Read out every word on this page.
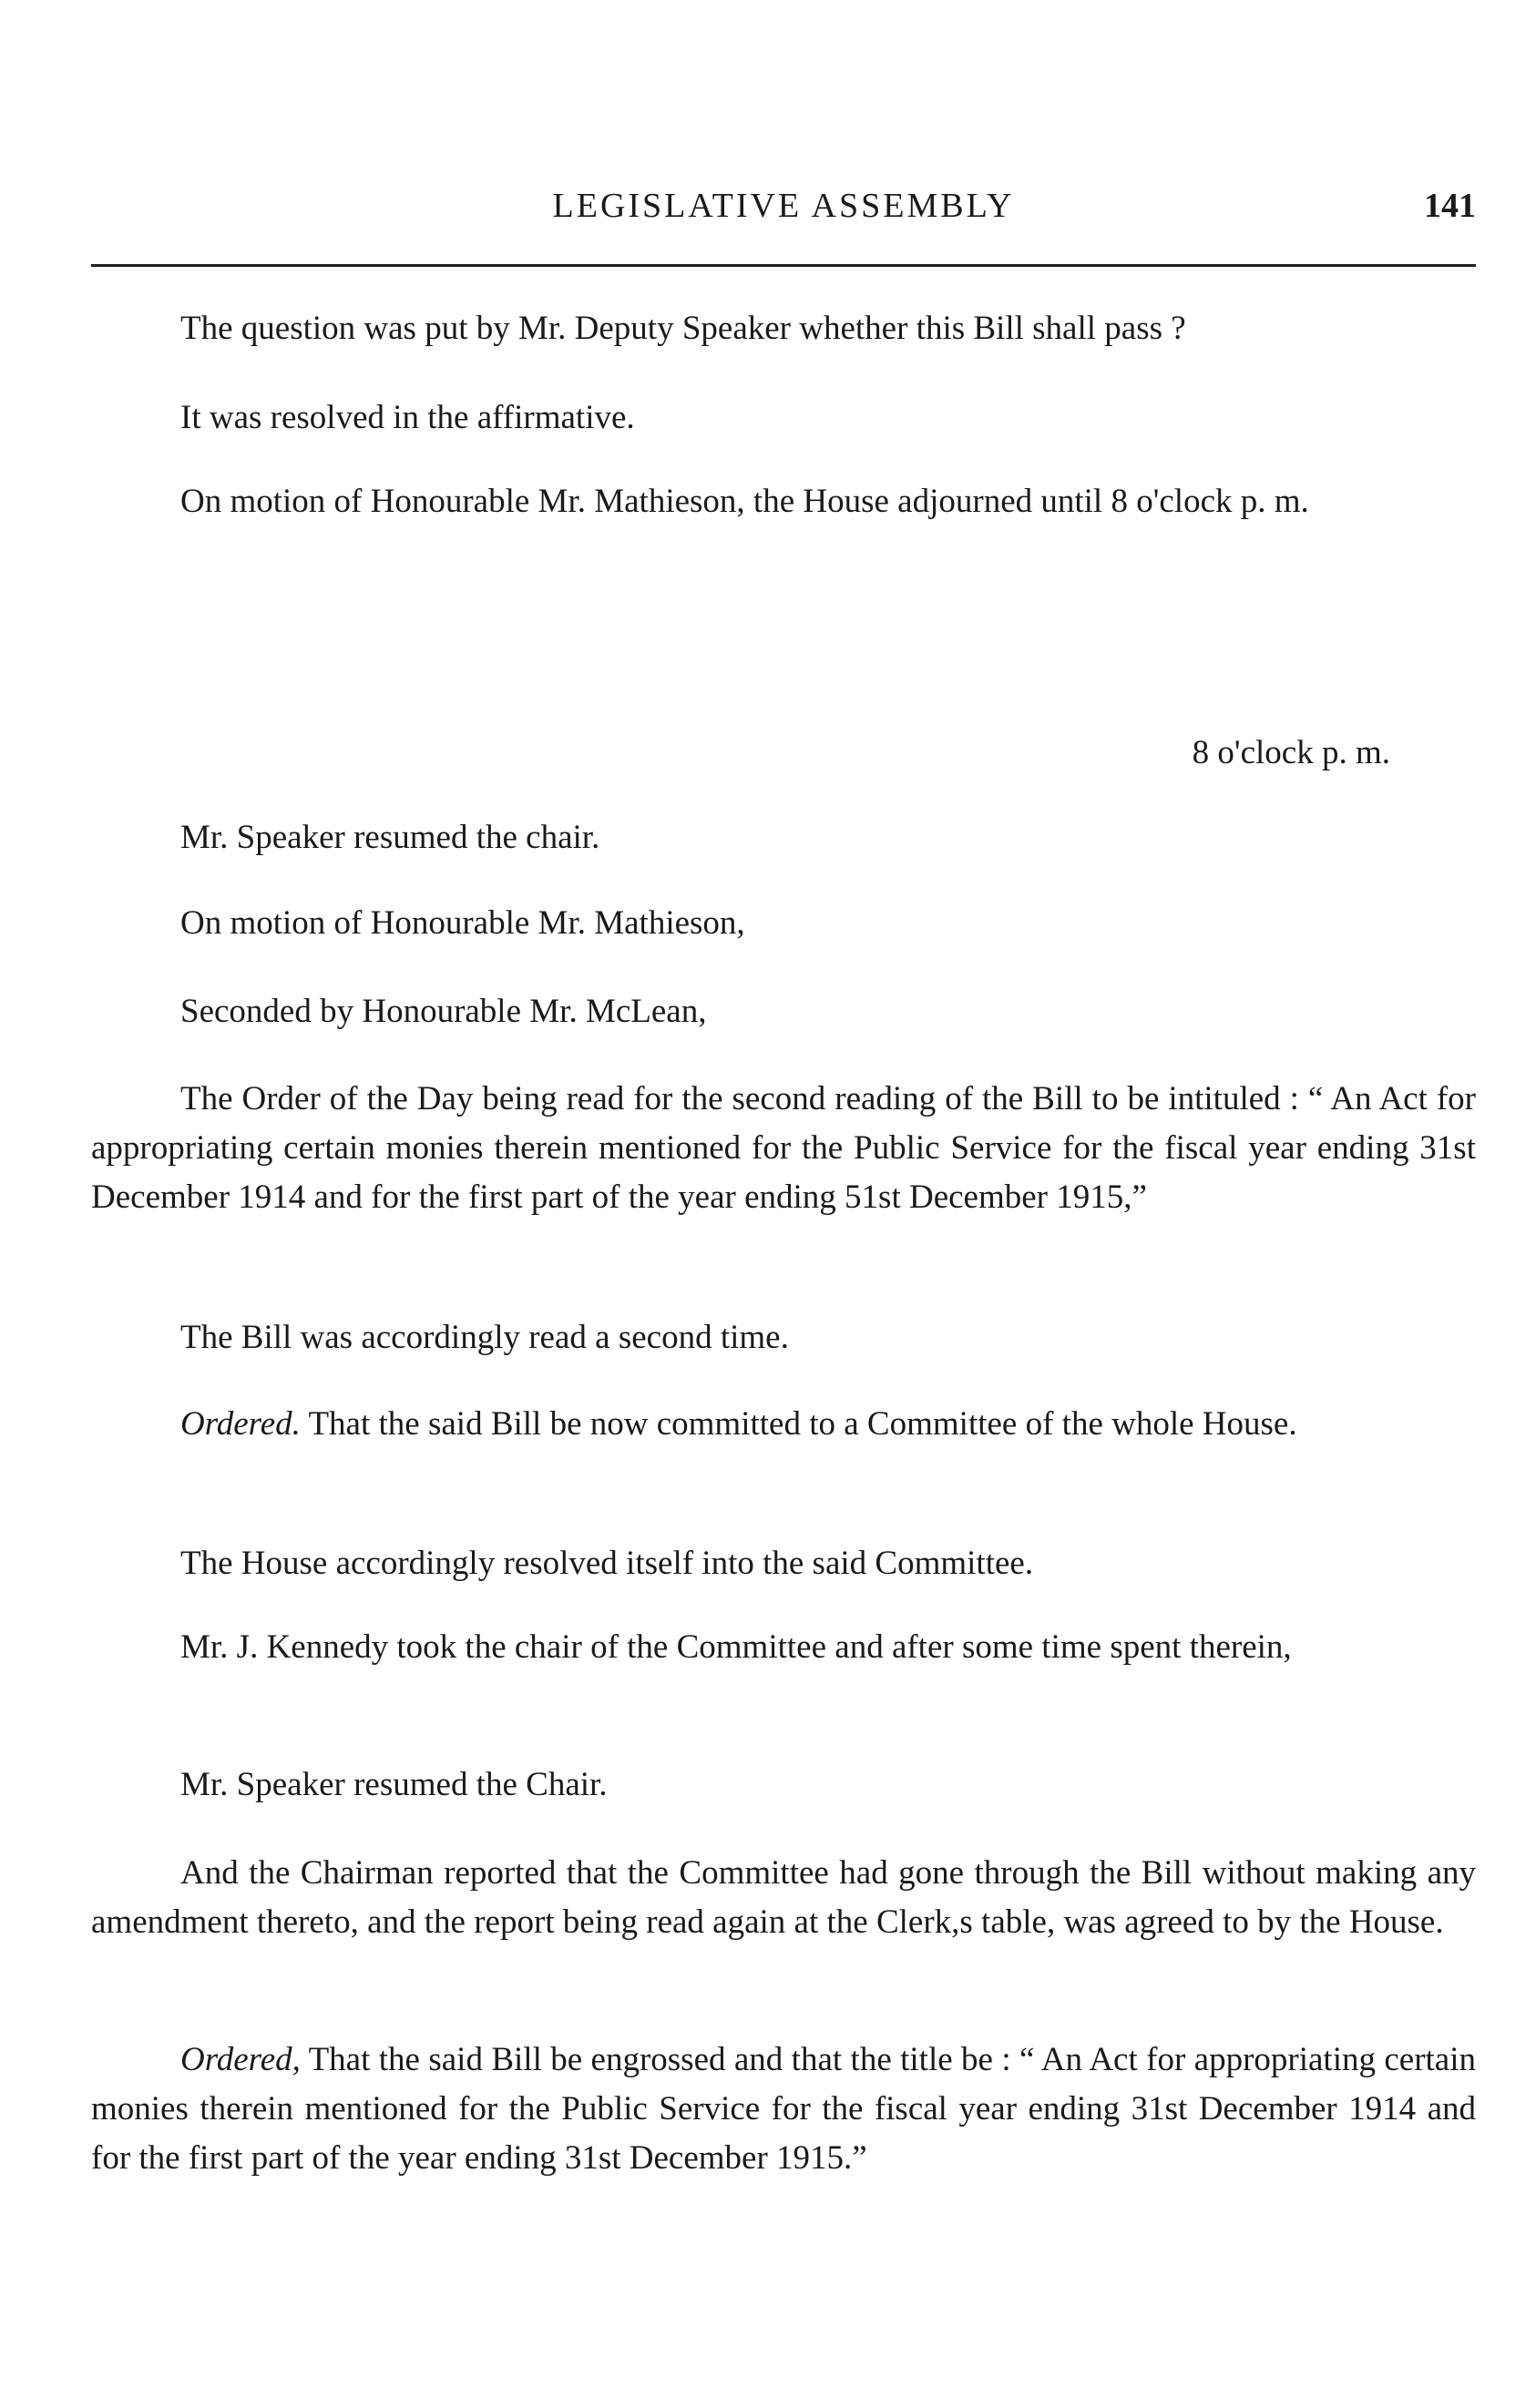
LEGISLATIVE ASSEMBLY	141

The question was put by Mr. Deputy Speaker whether this Bill shall pass ?

It was resolved in the affirmative.

On motion of Honourable Mr. Mathieson, the House adjourned until 8 o'clock p. m.

8 o'clock p. m.

Mr. Speaker resumed the chair.

On motion of Honourable Mr. Mathieson,

Seconded by Honourable Mr. McLean,

The Order of the Day being read for the second reading of the Bill to be intituled : “ An Act for appropriating certain monies therein mentioned for the Public Service for the fiscal year ending 31st December 1914 and for the first part of the year ending 51st December 1915,”

The Bill was accordingly read a second time.

Ordered. That the said Bill be now committed to a Committee of the whole House.

The House accordingly resolved itself into the said Committee.

Mr. J. Kennedy took the chair of the Committee and after some time spent therein,

Mr. Speaker resumed the Chair.

And the Chairman reported that the Committee had gone through the Bill without making any amendment thereto, and the report being read again at the Clerk,s table, was agreed to by the House.

Ordered, That the said Bill be engrossed and that the title be : “ An Act for appropriating certain monies therein mentioned for the Public Service for the fiscal year ending 31st December 1914 and for the first part of the year ending 31st December 1915.”
